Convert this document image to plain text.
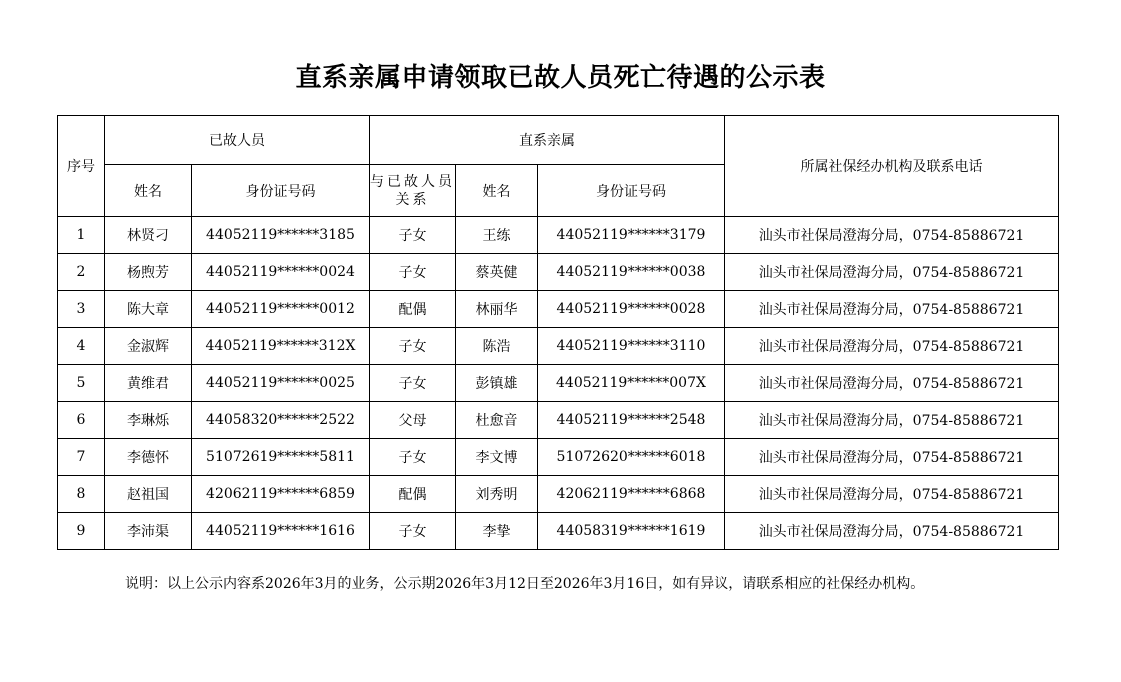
直系亲属申请领取已故人员死亡待遇的公示表
序号	已故人员		直系亲属			所属社保经办机构及联系电话
	姓名	身份证号码	与已故人员关系	姓名	身份证号码	
1	林贤刁	44052119******3185	子女	王练	44052119******3179	汕头市社保局澄海分局，0754-85886721
2	杨煦芳	44052119******0024	子女	蔡英健	44052119******0038	汕头市社保局澄海分局，0754-85886721
3	陈大章	44052119******0012	配偶	林丽华	44052119******0028	汕头市社保局澄海分局，0754-85886721
4	金淑辉	44052119******312X	子女	陈浩	44052119******3110	汕头市社保局澄海分局，0754-85886721
5	黄维君	44052119******0025	子女	彭镇雄	44052119******007X	汕头市社保局澄海分局，0754-85886721
6	李琳烁	44058320******2522	父母	杜愈音	44052119******2548	汕头市社保局澄海分局，0754-85886721
7	李德怀	51072619******5811	子女	李文博	51072620******6018	汕头市社保局澄海分局，0754-85886721
8	赵祖国	42062119******6859	配偶	刘秀明	42062119******6868	汕头市社保局澄海分局，0754-85886721
9	李沛渠	44052119******1616	子女	李挚	44058319******1619	汕头市社保局澄海分局，0754-85886721
说明：以上公示内容系2026年3月的业务，公示期2026年3月12日至2026年3月16日，如有异议，请联系相应的社保经办机构。
